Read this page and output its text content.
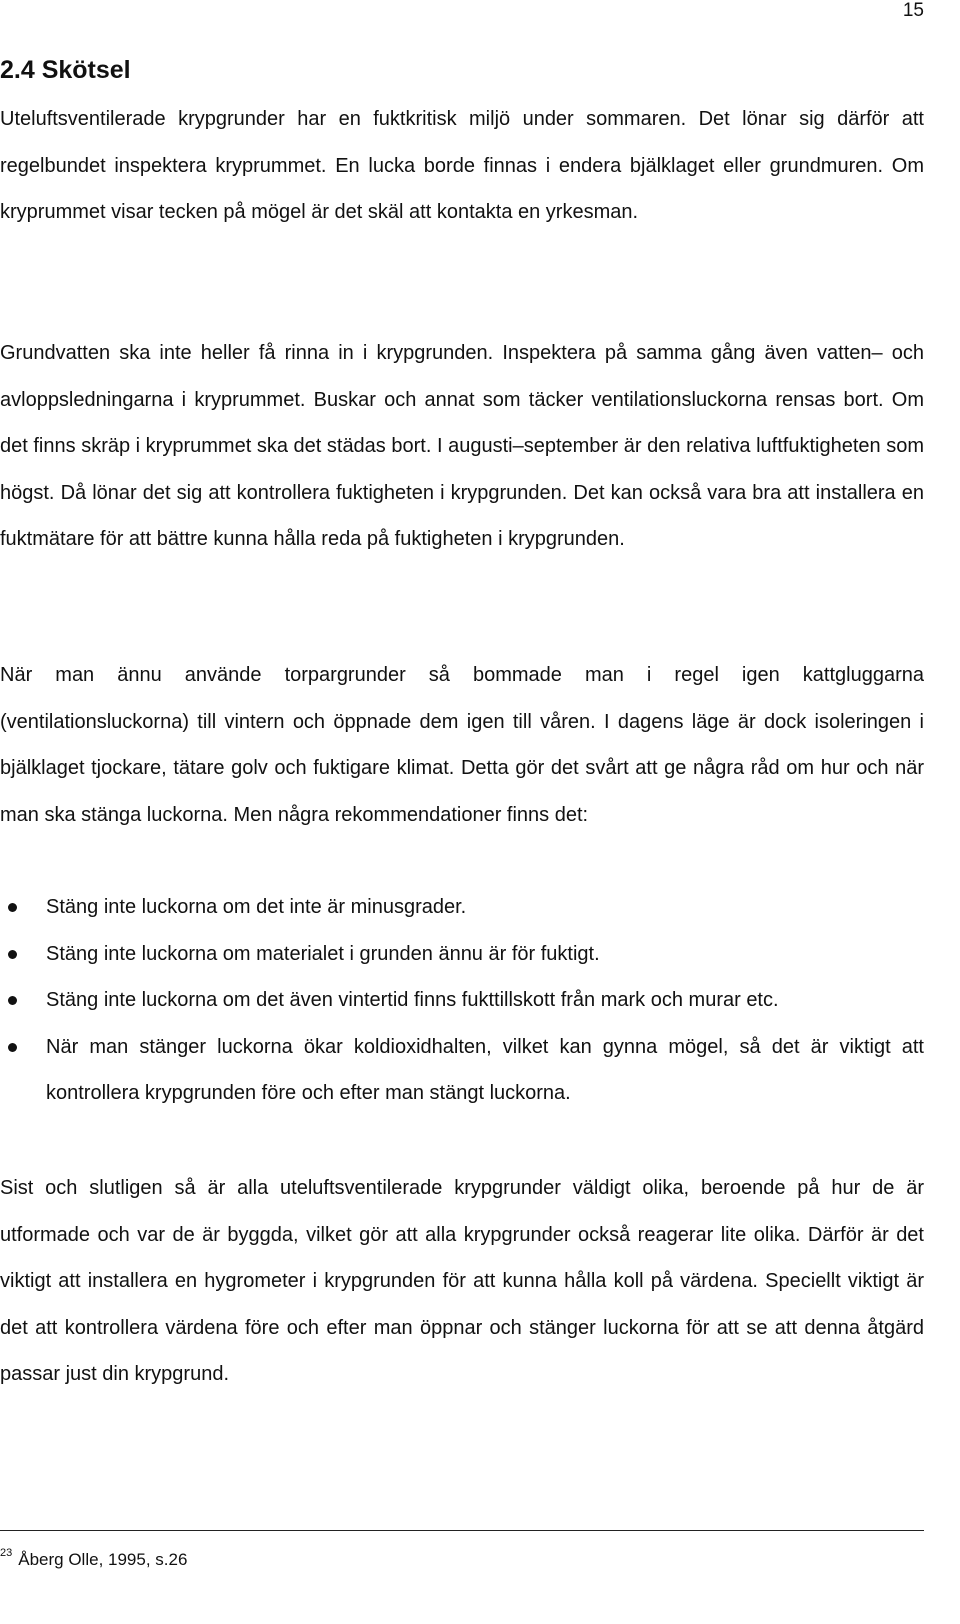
15
2.4 Skötsel

Uteluftsventilerade krypgrunder har en fuktkritisk miljö under sommaren. Det lönar sig därför att regelbundet inspektera kryprummet. En lucka borde finnas i endera bjälklaget eller grundmuren. Om kryprummet visar tecken på mögel är det skäl att kontakta en yrkesman.

Grundvatten ska inte heller få rinna in i krypgrunden. Inspektera på samma gång även vatten– och avloppsledningarna i kryprummet. Buskar och annat som täcker ventilationsluckorna rensas bort. Om det finns skräp i kryprummet ska det städas bort. I augusti–september är den relativa luftfuktigheten som högst. Då lönar det sig att kontrollera fuktigheten i krypgrunden. Det kan också vara bra att installera en fuktmätare för att bättre kunna hålla reda på fuktigheten i krypgrunden.

När man ännu använde torpargrunder så bommade man i regel igen kattgluggarna (ventilationsluckorna) till vintern och öppnade dem igen till våren. I dagens läge är dock isoleringen i bjälklaget tjockare, tätare golv och fuktigare klimat. Detta gör det svårt att ge några råd om hur och när man ska stänga luckorna. Men några rekommendationer finns det:

Stäng inte luckorna om det inte är minusgrader.
Stäng inte luckorna om materialet i grunden ännu är för fuktigt.
Stäng inte luckorna om det även vintertid finns fukttillskott från mark och murar etc.
När man stänger luckorna ökar koldioxidhalten, vilket kan gynna mögel, så det är viktigt att kontrollera krypgrunden före och efter man stängt luckorna.

Sist och slutligen så är alla uteluftsventilerade krypgrunder väldigt olika, beroende på hur de är utformade och var de är byggda, vilket gör att alla krypgrunder också reagerar lite olika. Därför är det viktigt att installera en hygrometer i krypgrunden för att kunna hålla koll på värdena. Speciellt viktigt är det att kontrollera värdena före och efter man öppnar och stänger luckorna för att se att denna åtgärd passar just din krypgrund.

$^{23}$ Åberg Olle, 1995, s.26
